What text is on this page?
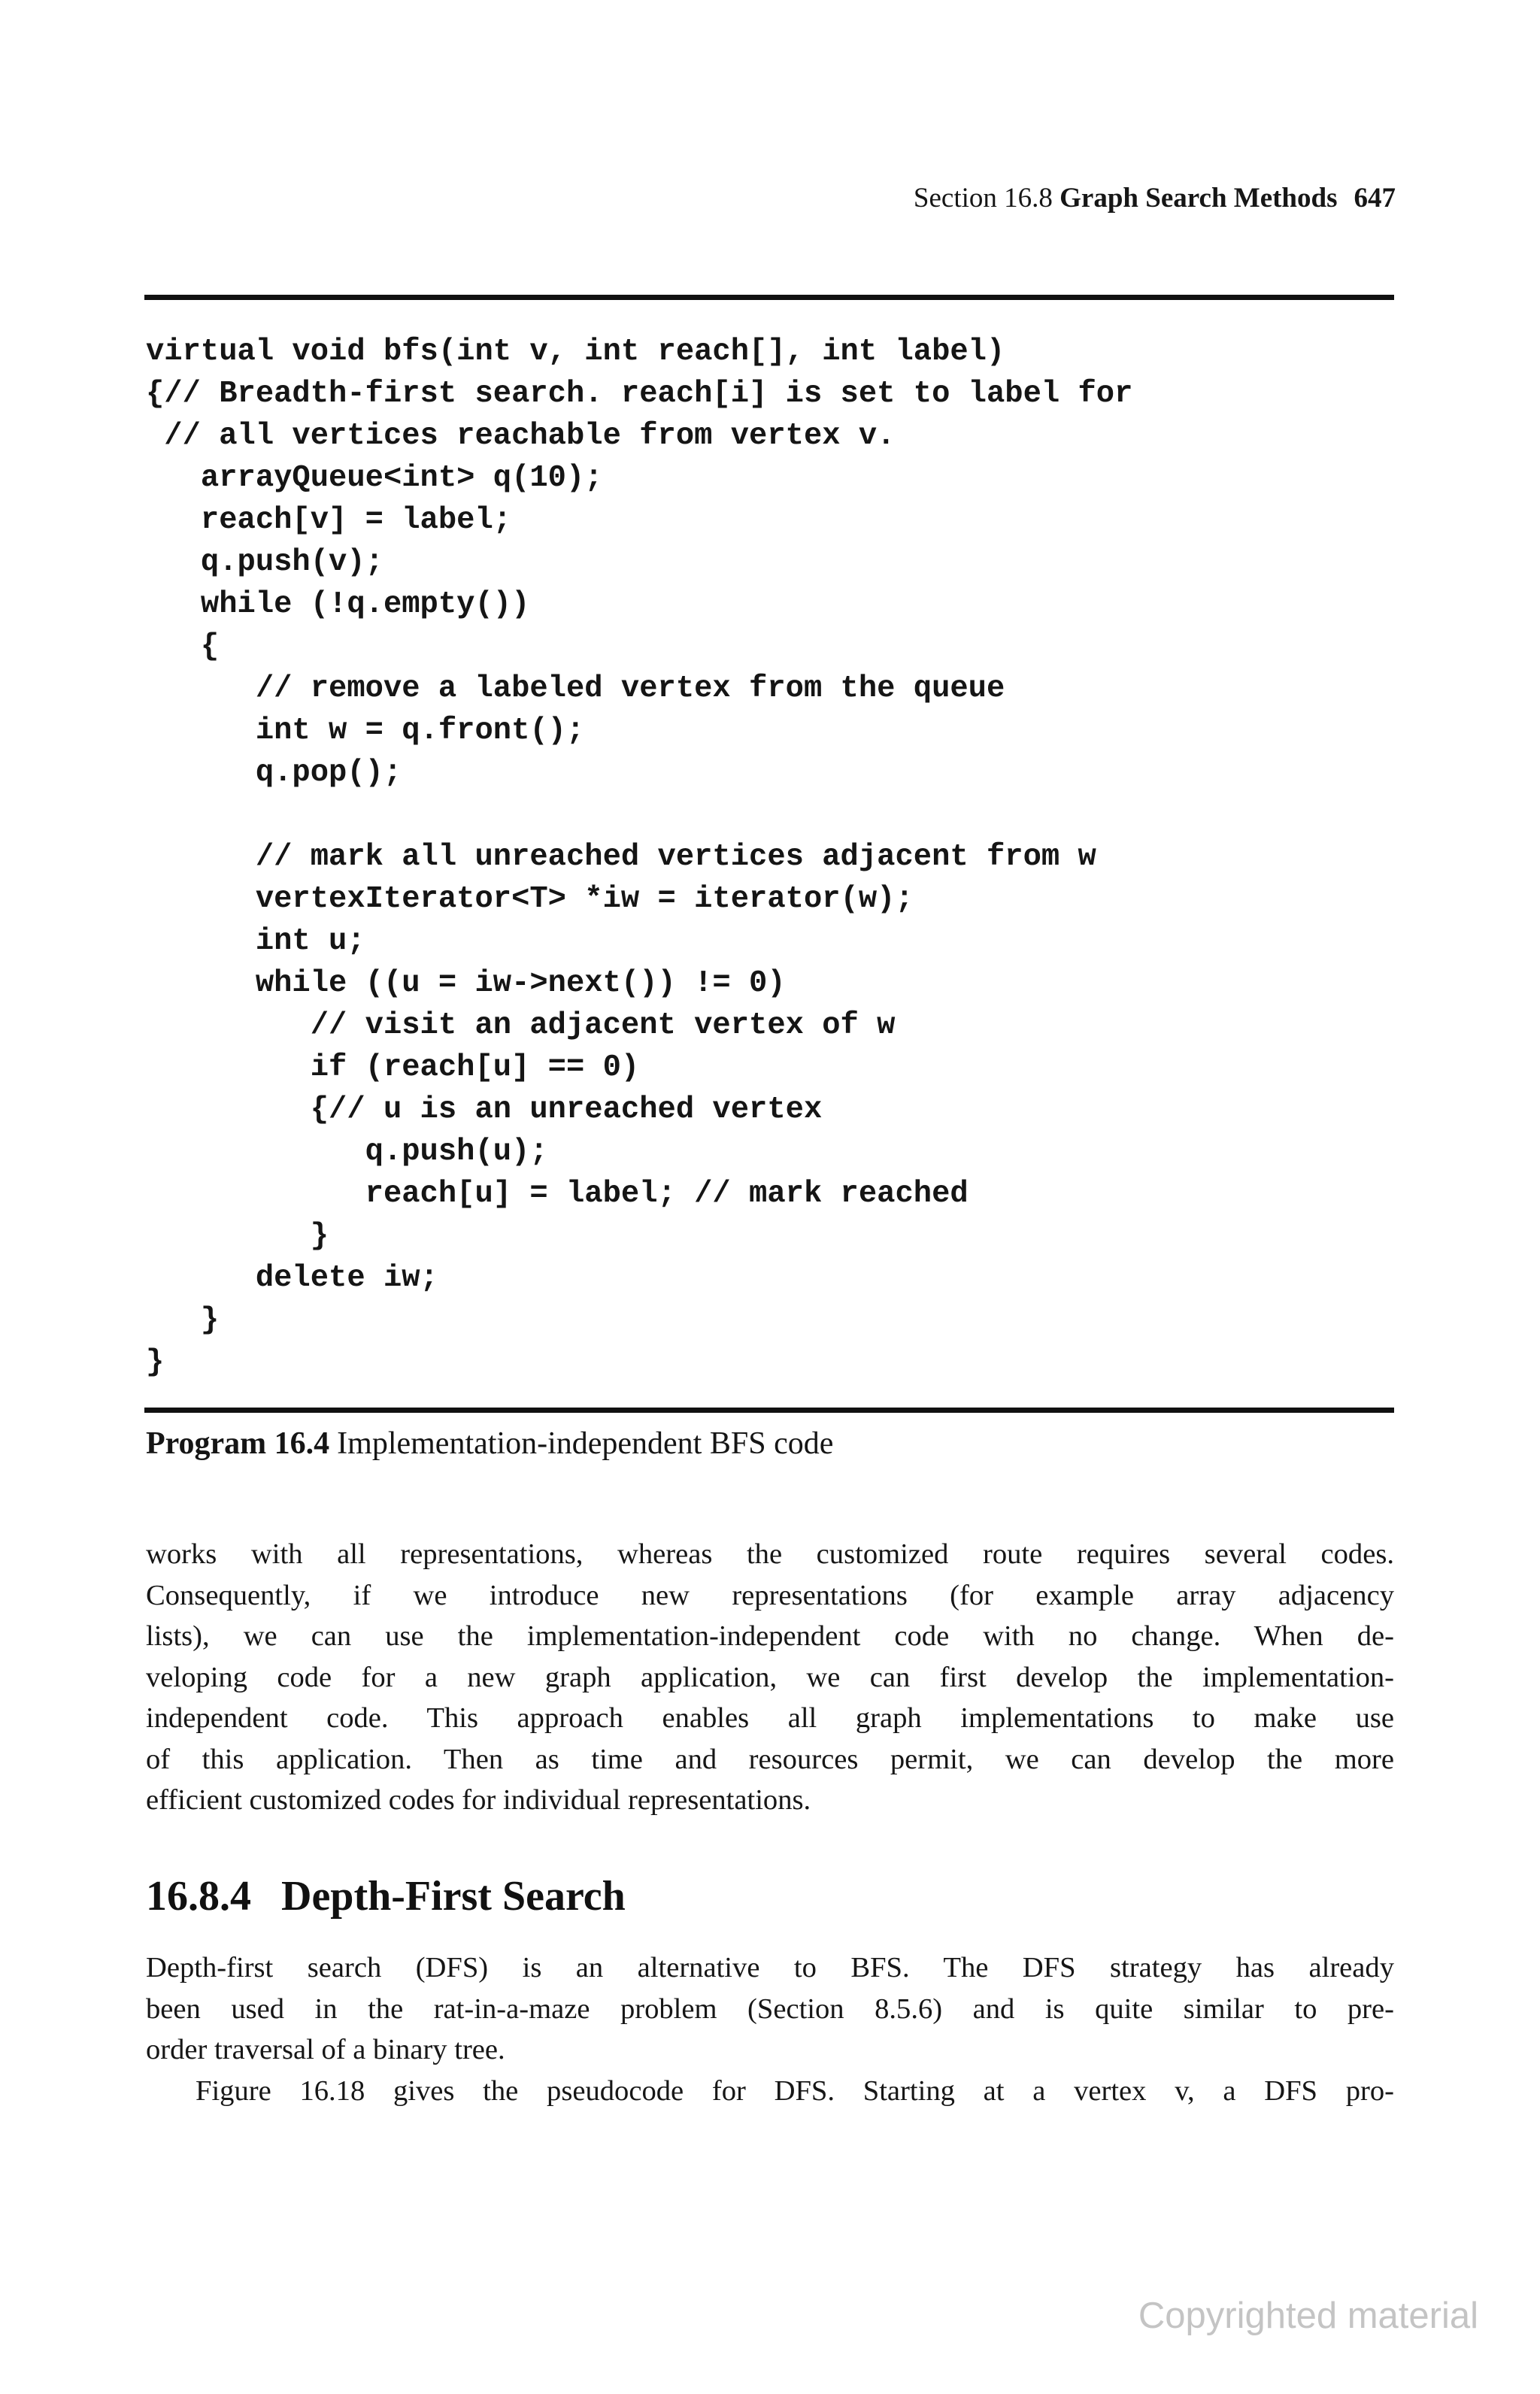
Section 16.8 Graph Search Methods 647
virtual void bfs(int v, int reach[], int label)
{// Breadth-first search. reach[i] is set to label for
// all vertices reachable from vertex v.
arrayQueue<int> q(10);
reach[v] = label;
q.push(v);
while (!q.empty())
{
// remove a labeled vertex from the queue
int w = q.front();
q.pop();
// mark all unreached vertices adjacent from w
vertexIterator<T> *iw = iterator(w);
int u;
while ((u = iw->next()) != 0)
// visit an adjacent vertex of w
if (reach[u] == 0)
{// u is an unreached vertex
q.push(u);
reach[u] = label; // mark reached
}
delete iw;
}
}
Program 16.4 Implementation-independent BFS code
works with all representations, whereas the customized route requires several codes.
Consequently, if we introduce new representations (for example array adjacency
lists), we can use the implementation-independent code with no change. When de-
veloping code for a new graph application, we can first develop the implementation-
independent code. This approach enables all graph implementations to make use
of this application. Then as time and resources permit, we can develop the more
efficient customized codes for individual representations.
16.8.4 Depth-First Search
Depth-first search (DFS) is an alternative to BFS. The DFS strategy has already
been used in the rat-in-a-maze problem (Section 8.5.6) and is quite similar to pre-
order traversal of a binary tree.
Figure 16.18 gives the pseudocode for DFS. Starting at a vertex v, a DFS pro-
Copyrighted material
